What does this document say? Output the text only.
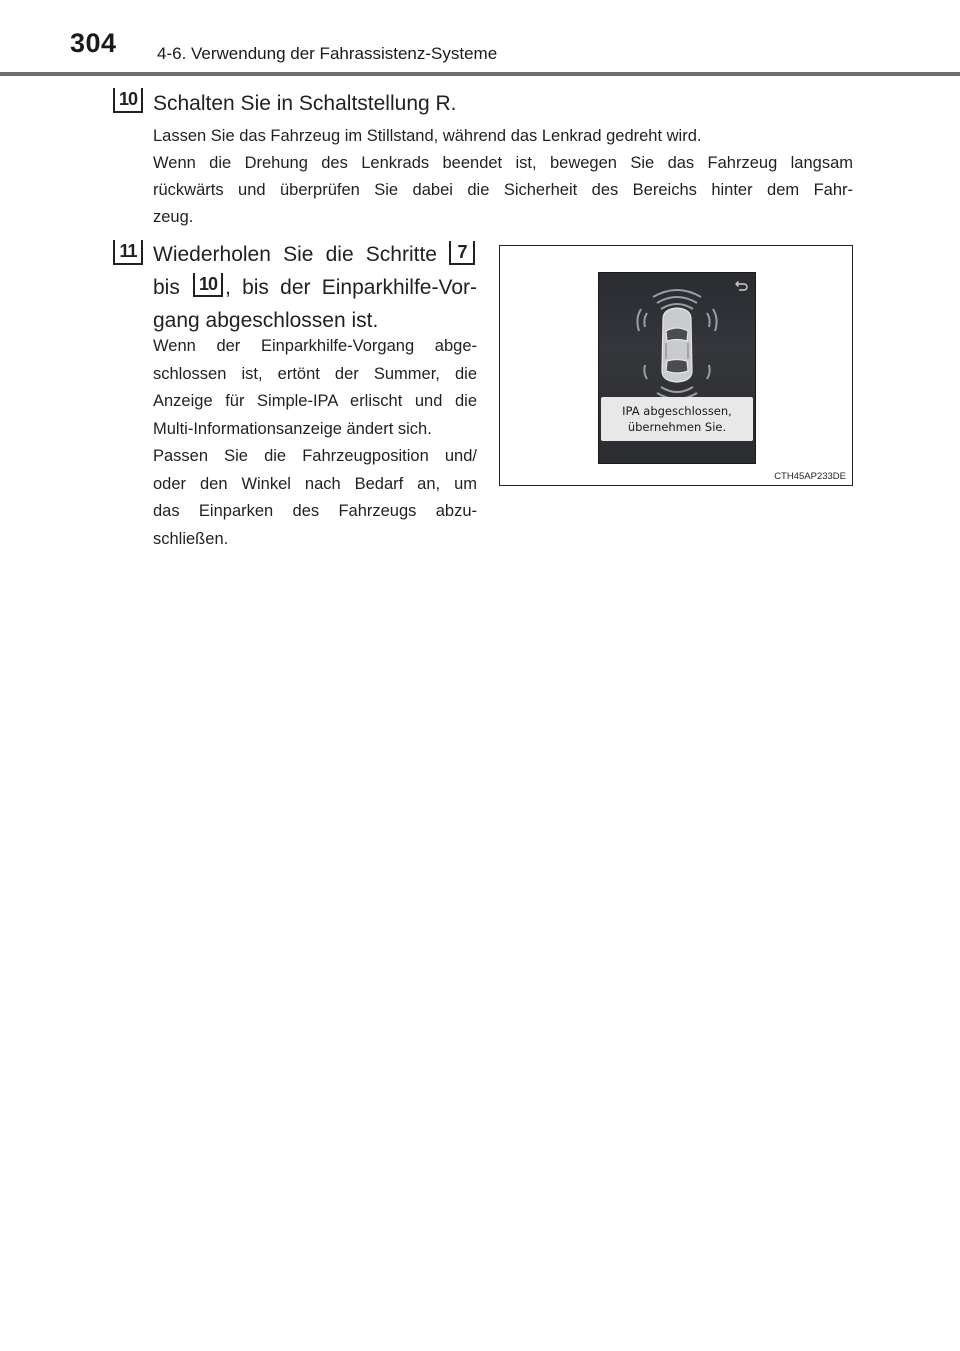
304 4-6. Verwendung der Fahrassistenz-Systeme
10 Schalten Sie in Schaltstellung R.
Lassen Sie das Fahrzeug im Stillstand, während das Lenkrad gedreht wird.
Wenn die Drehung des Lenkrads beendet ist, bewegen Sie das Fahrzeug langsam
rückwärts und überprüfen Sie dabei die Sicherheit des Bereichs hinter dem Fahr-
zeug.
11 Wiederholen Sie die Schritte
bis , bis der Einparkhilfe-Vor-
gang abgeschlossen ist.
7
10
Wenn der Einparkhilfe-Vorgang abge-
schlossen ist, ertönt der Summer, die
Anzeige für Simple-IPA erlischt und die
Multi-Informationsanzeige ändert sich.
Passen Sie die Fahrzeugposition und/
oder den Winkel nach Bedarf an, um
das Einparken des Fahrzeugs abzu-
schließen.
IPA abgeschlossen,
übernehmen Sie.
CTH45AP233DE
